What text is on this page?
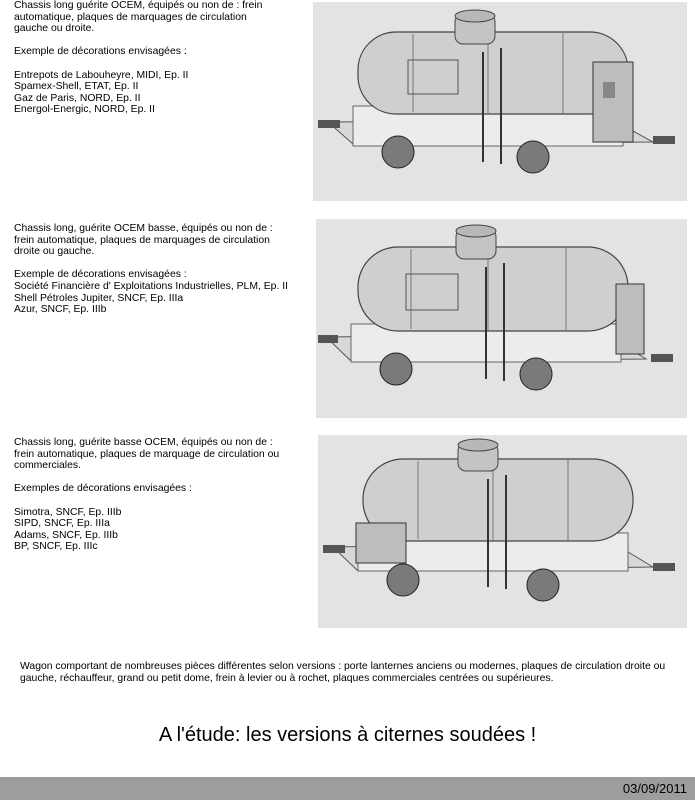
Chassis long guérite OCEM, équipés ou non de : frein

automatique, plaques de marquages de circulation

gauche ou droite.

Exemple de décorations envisagées :

Entrepots de Labouheyre, MIDI, Ep. II

Spamex-Shell, ETAT, Ep. II

Gaz de Paris, NORD, Ep. II

Energol-Energic, NORD, Ep. II

Chassis long, guérite OCEM basse, équipés ou non de :

frein automatique, plaques de marquages de circulation

droite ou gauche.

Exemple de décorations envisagées :

Société Financière d' Exploitations Industrielles, PLM, Ep. II

Shell Pétroles Jupiter, SNCF, Ep. IIIa

Azur, SNCF, Ep. IIIb

Chassis long, guérite basse OCEM, équipés ou non de :

frein automatique, plaques de marquage de circulation ou

commerciales.

Exemples de décorations envisagées :

Simotra, SNCF, Ep. IIIb

SIPD, SNCF, Ep. IIIa

Adams, SNCF, Ep. IIIb

BP, SNCF, Ep. IIIc

Wagon comportant de nombreuses pièces différentes selon versions : porte lanternes anciens ou modernes, plaques de circulation droite ou gauche, réchauffeur, grand ou petit dome, frein à levier ou à rochet, plaques commerciales centrées ou supérieures.
A l'étude: les versions à citernes soudées !
03/09/2011
